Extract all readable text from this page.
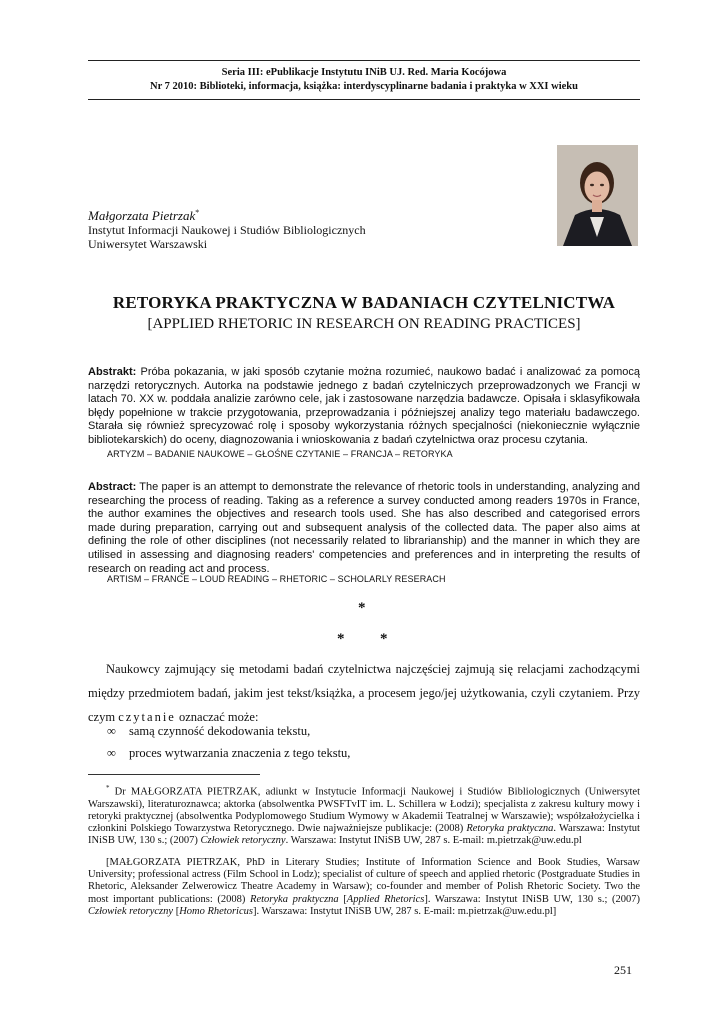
Seria III: ePublikacje Instytutu INiB UJ. Red. Maria Kocójowa
Nr 7 2010: Biblioteki, informacja, książka: interdyscyplinarne badania i praktyka w XXI wieku
Małgorzata Pietrzak*
Instytut Informacji Naukowej i Studiów Bibliologicznych
Uniwersytet Warszawski
RETORYKA PRAKTYCZNA W BADANIACH CZYTELNICTWA
[APPLIED RHETORIC IN RESEARCH ON READING PRACTICES]
Abstrakt: Próba pokazania, w jaki sposób czytanie można rozumieć, naukowo badać i analizować za pomocą narzędzi retorycznych. Autorka na podstawie jednego z badań czytelniczych przeprowadzonych we Francji w latach 70. XX w. poddała analizie zarówno cele, jak i zastosowane narzędzia badawcze. Opisała i sklasyfikowała błędy popełnione w trakcie przygotowania, przeprowadzania i późniejszej analizy tego materiału badawczego. Starała się również sprecyzować rolę i sposoby wykorzystania różnych specjalności (niekoniecznie wyłącznie bibliotekarskich) do oceny, diagnozowania i wnioskowania z badań czytelnictwa oraz procesu czytania.
ARTYZM – BADANIE NAUKOWE – GŁOŚNE CZYTANIE – FRANCJA – RETORYKA
Abstract: The paper is an attempt to demonstrate the relevance of rhetoric tools in understanding, analyzing and researching the process of reading. Taking as a reference a survey conducted among readers 1970s in France, the author examines the objectives and research tools used. She has also described and categorised errors made during preparation, carrying out and subsequent analysis of the collected data. The paper also aims at defining the role of other disciplines (not necessarily related to librarianship) and the manner in which they are utilised in assessing and diagnosing readers' competencies and preferences and in interpreting the results of research on reading act and process.
ARTISM – FRANCE – LOUD READING – RHETORIC – SCHOLARLY RESERACH
*
* *

Naukowcy zajmujący się metodami badań czytelnictwa najczęściej zajmują się relacjami zachodzącymi między przedmiotem badań, jakim jest tekst/książka, a procesem jego/jej użytkowania, czyli czytaniem. Przy czym czytanie oznaczać może:

∞ samą czynność dekodowania tekstu,
∞ proces wytwarzania znaczenia z tego tekstu,

* Dr MAŁGORZATA PIETRZAK, adiunkt w Instytucie Informacji Naukowej i Studiów Bibliologicznych (Uniwersytet Warszawski), literaturoznawca; aktorka (absolwentka PWSFTvIT im. L. Schillera w Łodzi); specjalista z zakresu kultury mowy i retoryki praktycznej (absolwentka Podyplomowego Studium Wymowy w Akademii Teatralnej w Warszawie); współzałożycielka i członkini Polskiego Towarzystwa Retorycznego. Dwie najważniejsze publikacje: (2008) Retoryka praktyczna. Warszawa: Instytut INiSB UW, 130 s.; (2007) Człowiek retoryczny. Warszawa: Instytut INiSB UW, 287 s. E-mail: m.pietrzak@uw.edu.pl

[MAŁGORZATA PIETRZAK, PhD in Literary Studies; Institute of Information Science and Book Studies, Warsaw University; professional actress (Film School in Lodz); specialist of culture of speech and applied rhetoric (Postgraduate Studies in Rhetoric, Aleksander Zelwerowicz Theatre Academy in Warsaw); co-founder and member of Polish Rhetoric Society. Two the most important publications: (2008) Retoryka praktyczna [Applied Rhetorics]. Warszawa: Instytut INiSB UW, 130 s.; (2007) Człowiek retoryczny [Homo Rhetoricus]. Warszawa: Instytut INiSB UW, 287 s. E-mail: m.pietrzak@uw.edu.pl]

251
